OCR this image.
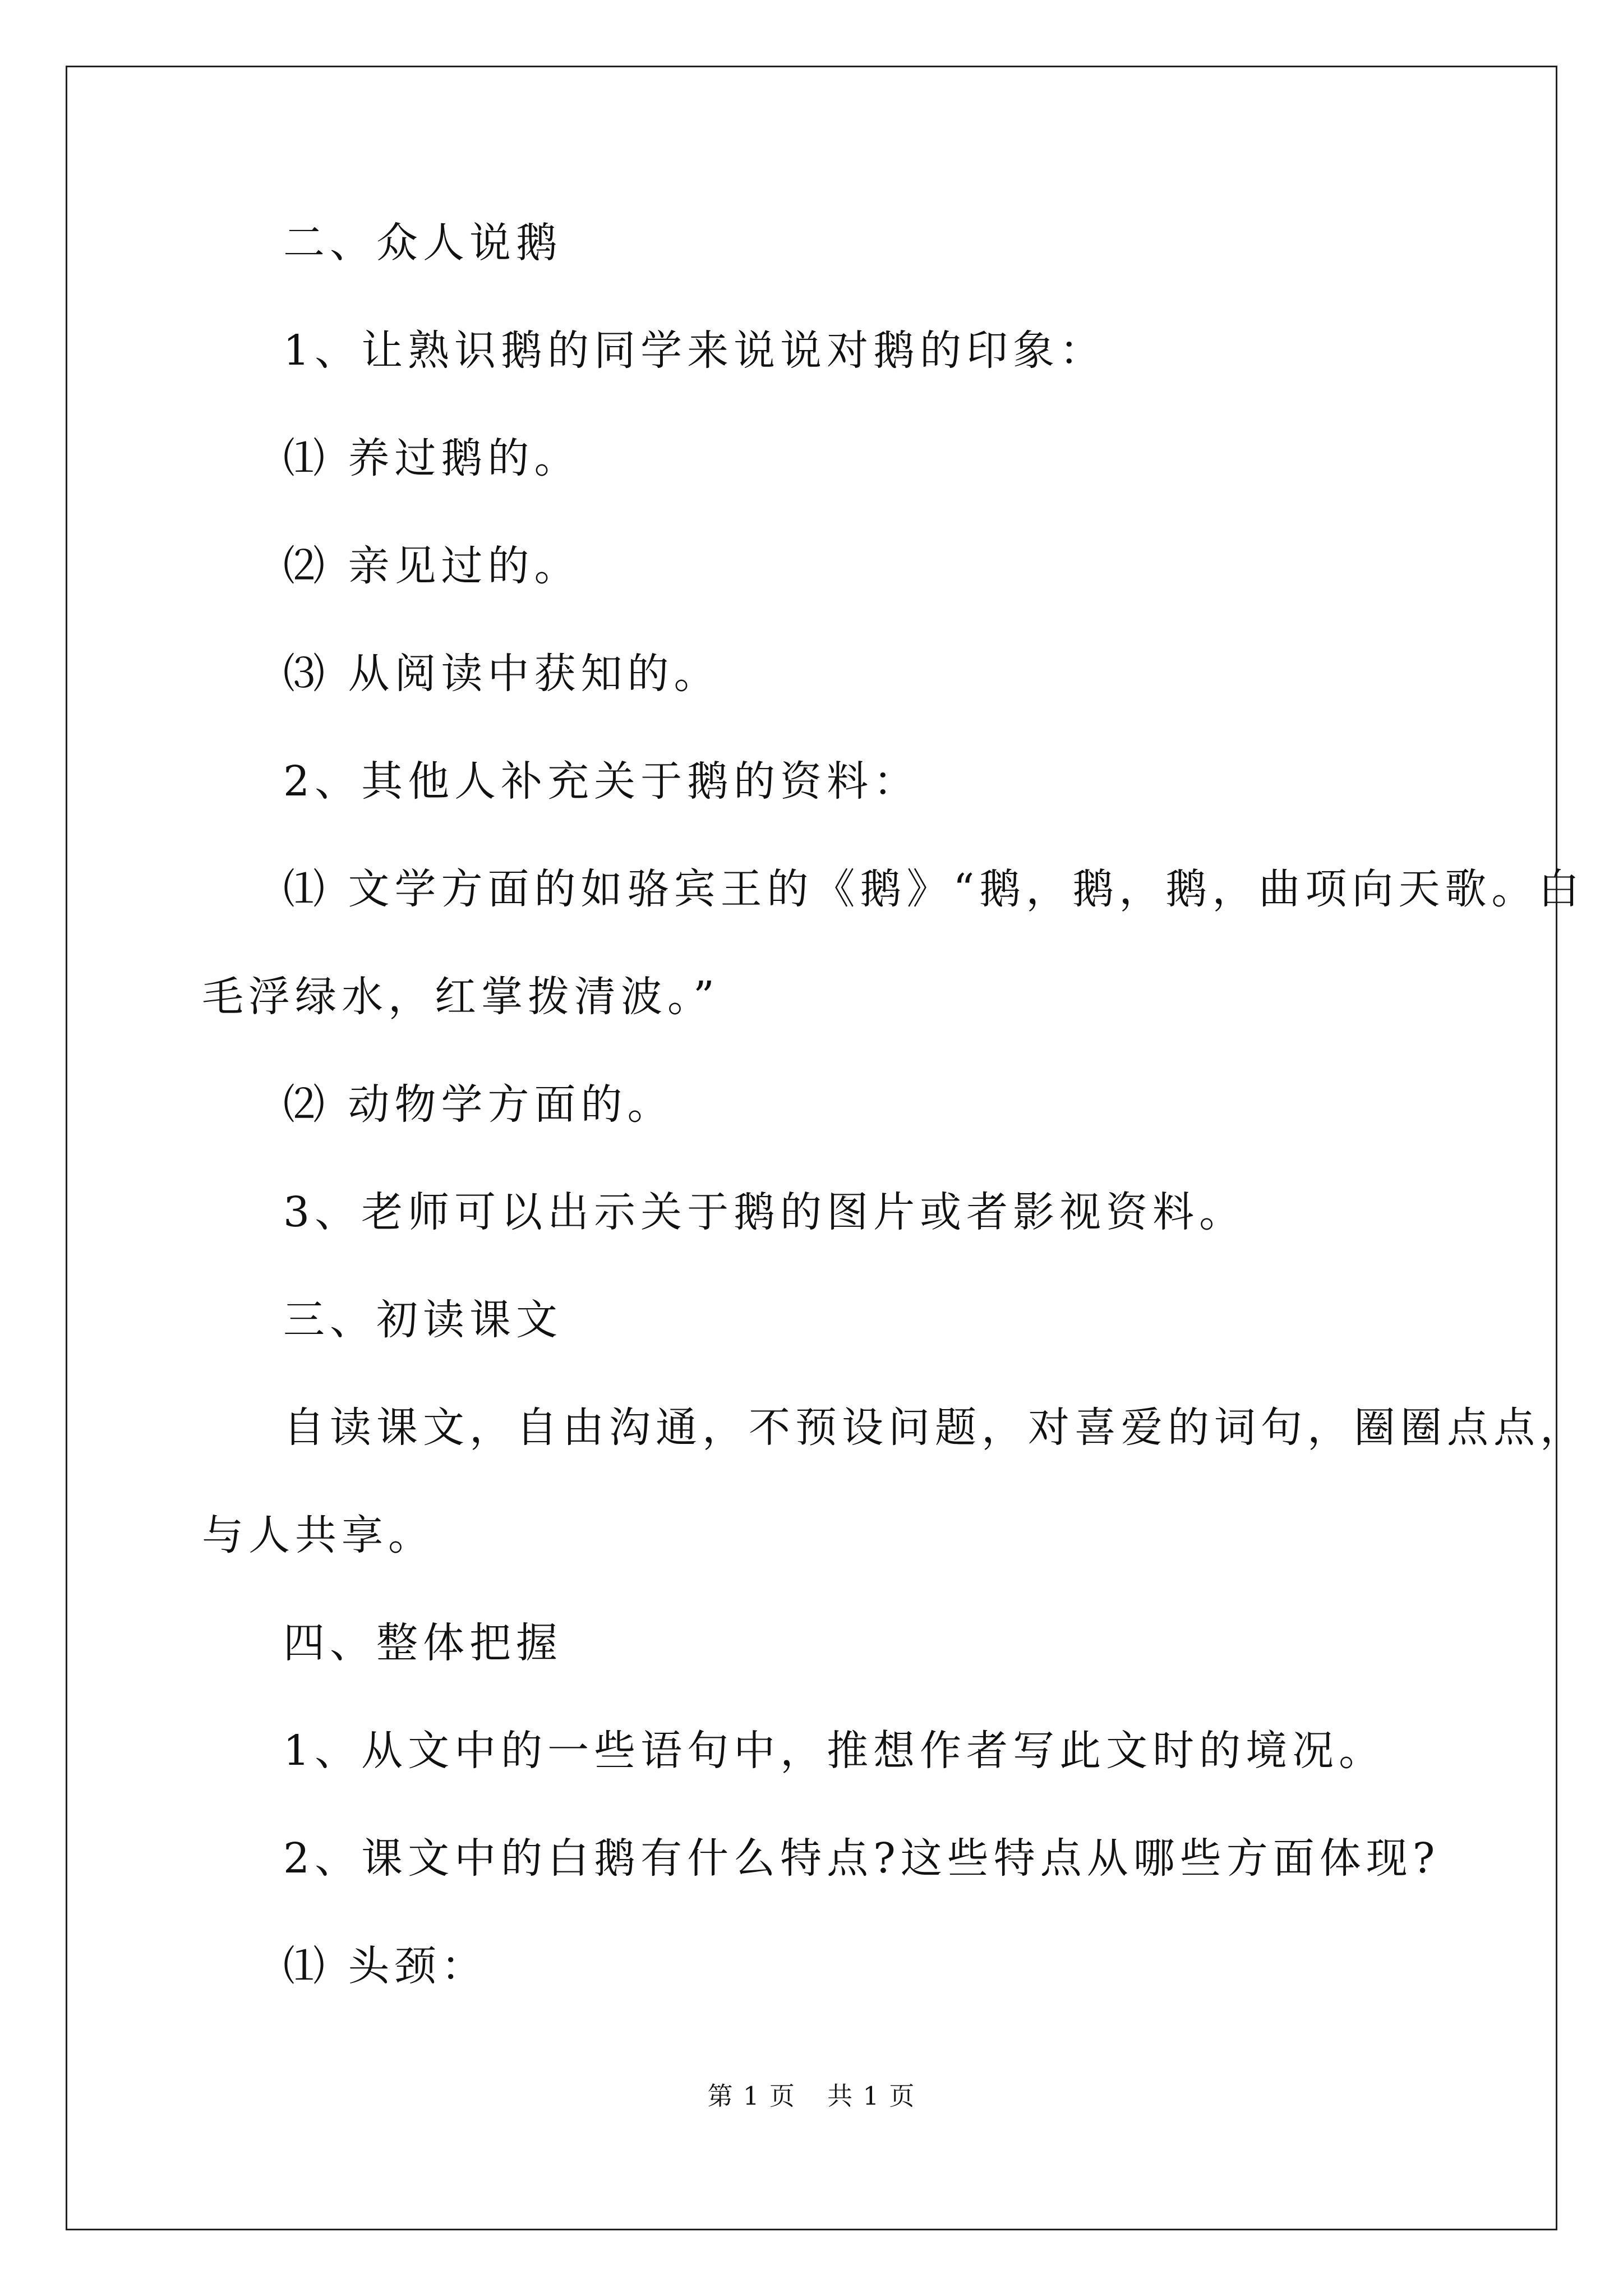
二、众人说鹅

1、让熟识鹅的同学来说说对鹅的印象：

⑴ 养过鹅的。

⑵ 亲见过的。

⑶ 从阅读中获知的。

2、其他人补充关于鹅的资料：

⑴ 文学方面的如骆宾王的《鹅》“鹅，鹅，鹅，曲项向天歌。白

毛浮绿水，红掌拨清波。”

⑵ 动物学方面的。

3、老师可以出示关于鹅的图片或者影视资料。

三、初读课文

自读课文，自由沟通，不预设问题，对喜爱的词句，圈圈点点，

与人共享。

四、整体把握

1、从文中的一些语句中，推想作者写此文时的境况。

2、课文中的白鹅有什么特点?这些特点从哪些方面体现?

⑴ 头颈：

第 1 页 共 1 页
